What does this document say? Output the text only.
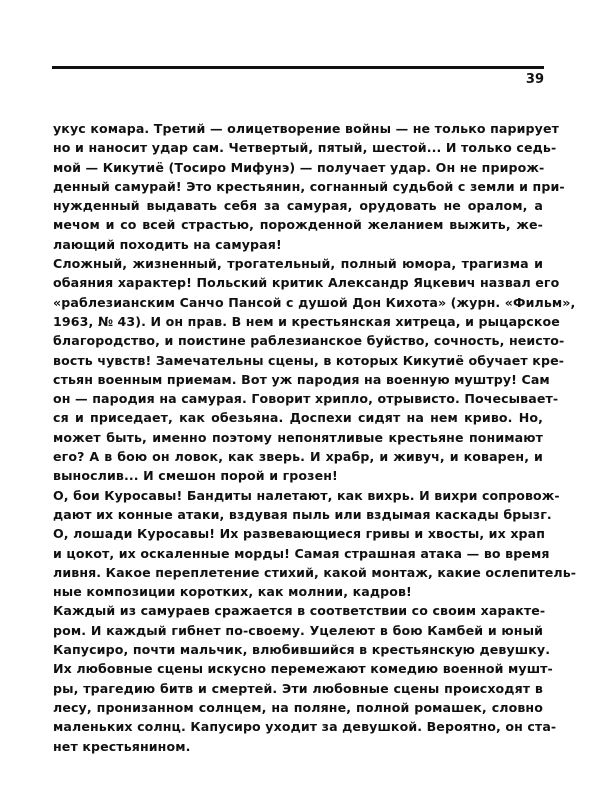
39
укус комара. Третий — олицетворение войны — не только парирует
но и наносит удар сам. Четвертый, пятый, шестой... И только седь-
мой — Кикутиё (Тосиро Мифунэ) — получает удар. Он не прирож-
денный самурай! Это крестьянин, согнанный судьбой с земли и при-
нужденный выдавать себя за самурая, орудовать не оралом, а
мечом и со всей страстью, порожденной желанием выжить, же-
лающий походить на самурая!
Сложный, жизненный, трогательный, полный юмора, трагизма и
обаяния характер! Польский критик Александр Яцкевич назвал его
«раблезианским Санчо Пансой с душой Дон Кихота» (журн. «Фильм»,
1963, № 43). И он прав. В нем и крестьянская хитреца, и рыцарское
благородство, и поистине раблезианское буйство, сочность, неисто-
вость чувств! Замечательны сцены, в которых Кикутиё обучает кре-
стьян военным приемам. Вот уж пародия на военную муштру! Сам
он — пародия на самурая. Говорит хрипло, отрывисто. Почесывает-
ся и приседает, как обезьяна. Доспехи сидят на нем криво. Но,
может быть, именно поэтому непонятливые крестьяне понимают
его? А в бою он ловок, как зверь. И храбр, и живуч, и коварен, и
вынослив... И смешон порой и грозен!
О, бои Куросавы! Бандиты налетают, как вихрь. И вихри сопровож-
дают их конные атаки, вздувая пыль или вздымая каскады брызг.
О, лошади Куросавы! Их развевающиеся гривы и хвосты, их храп
и цокот, их оскаленные морды! Самая страшная атака — во время
ливня. Какое переплетение стихий, какой монтаж, какие ослепитель-
ные композиции коротких, как молнии, кадров!
Каждый из самураев сражается в соответствии со своим характе-
ром. И каждый гибнет по-своему. Уцелеют в бою Камбей и юный
Капусиро, почти мальчик, влюбившийся в крестьянскую девушку.
Их любовные сцены искусно перемежают комедию военной мушт-
ры, трагедию битв и смертей. Эти любовные сцены происходят в
лесу, пронизанном солнцем, на поляне, полной ромашек, словно
маленьких солнц. Капусиро уходит за девушкой. Вероятно, он ста-
нет крестьянином.
